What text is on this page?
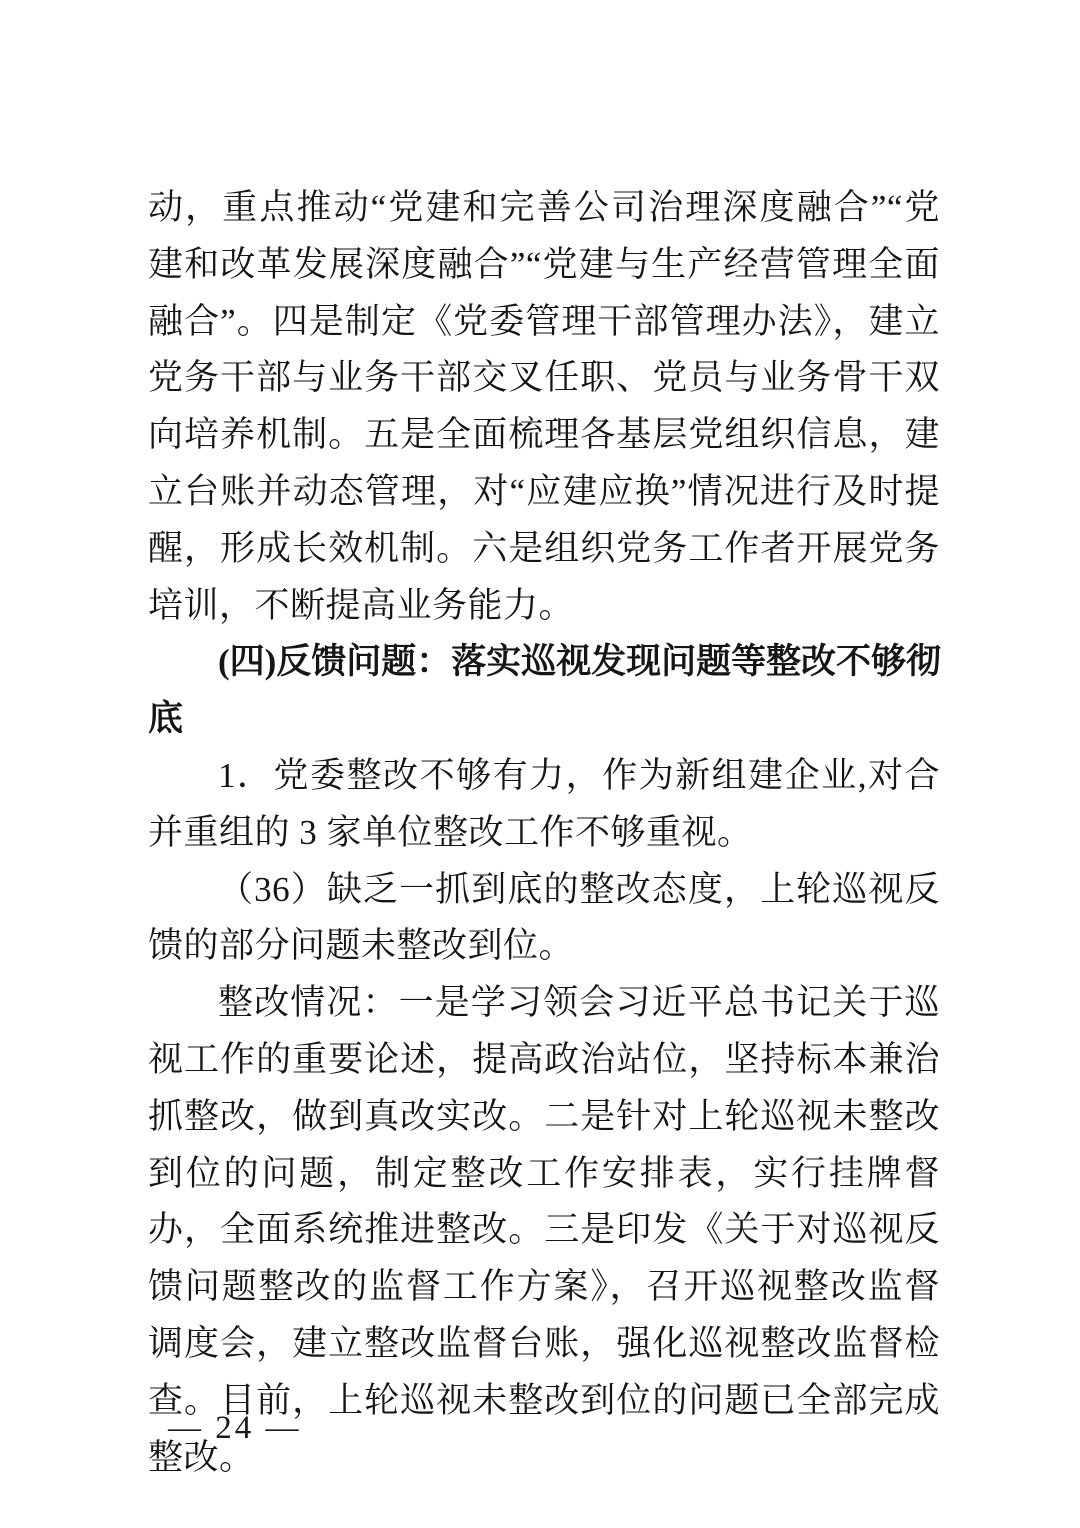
动，重点推动“党建和完善公司治理深度融合”“党建和改革发展深度融合”“党建与生产经营管理全面融合”。四是制定《党委管理干部管理办法》，建立党务干部与业务干部交叉任职、党员与业务骨干双向培养机制。五是全面梳理各基层党组织信息，建立台账并动态管理，对“应建应换”情况进行及时提醒，形成长效机制。六是组织党务工作者开展党务培训，不断提高业务能力。

(四)反馈问题：落实巡视发现问题等整改不够彻底

1．党委整改不够有力，作为新组建企业,对合并重组的 3 家单位整改工作不够重视。

（36）缺乏一抓到底的整改态度，上轮巡视反馈的部分问题未整改到位。

整改情况：一是学习领会习近平总书记关于巡视工作的重要论述，提高政治站位，坚持标本兼治抓整改，做到真改实改。二是针对上轮巡视未整改到位的问题，制定整改工作安排表，实行挂牌督办，全面系统推进整改。三是印发《关于对巡视反馈问题整改的监督工作方案》，召开巡视整改监督调度会，建立整改监督台账，强化巡视整改监督检查。目前，上轮巡视未整改到位的问题已全部完成整改。

— 24 —
